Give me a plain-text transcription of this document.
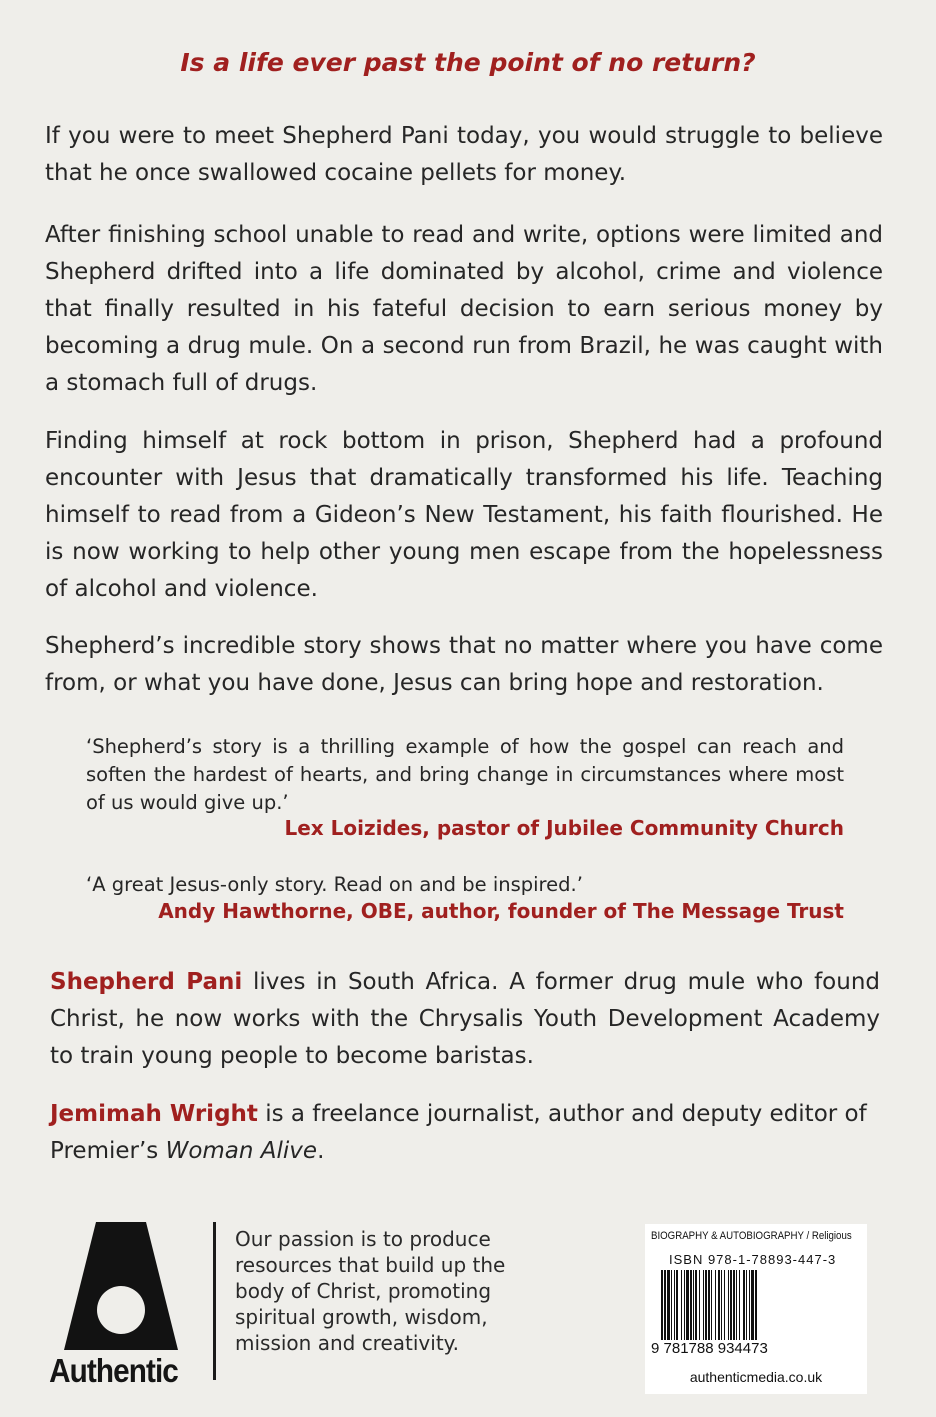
Is a life ever past the point of no return?

If you were to meet Shepherd Pani today, you would struggle to believe that he once swallowed cocaine pellets for money.

After finishing school unable to read and write, options were limited and Shepherd drifted into a life dominated by alcohol, crime and violence that finally resulted in his fateful decision to earn serious money by becoming a drug mule. On a second run from Brazil, he was caught with a stomach full of drugs.

Finding himself at rock bottom in prison, Shepherd had a profound encounter with Jesus that dramatically transformed his life. Teaching himself to read from a Gideon’s New Testament, his faith flourished. He is now working to help other young men escape from the hopelessness of alcohol and violence.

Shepherd’s incredible story shows that no matter where you have come from, or what you have done, Jesus can bring hope and restoration.

‘Shepherd’s story is a thrilling example of how the gospel can reach and soften the hardest of hearts, and bring change in circumstances where most of us would give up.’

Lex Loizides, pastor of Jubilee Community Church

‘A great Jesus-only story. Read on and be inspired.’

Andy Hawthorne, OBE, author, founder of The Message Trust

Shepherd Pani lives in South Africa. A former drug mule who found Christ, he now works with the Chrysalis Youth Development Academy to train young people to become baristas.

Jemimah Wright is a freelance journalist, author and deputy editor of Premier’s Woman Alive.

Authentic

Our passion is to produce resources that build up the body of Christ, promoting spiritual growth, wisdom, mission and creativity.

BIOGRAPHY & AUTOBIOGRAPHY / Religious
ISBN 978-1-78893-447-3
9 781788 934473
authenticmedia.co.uk
